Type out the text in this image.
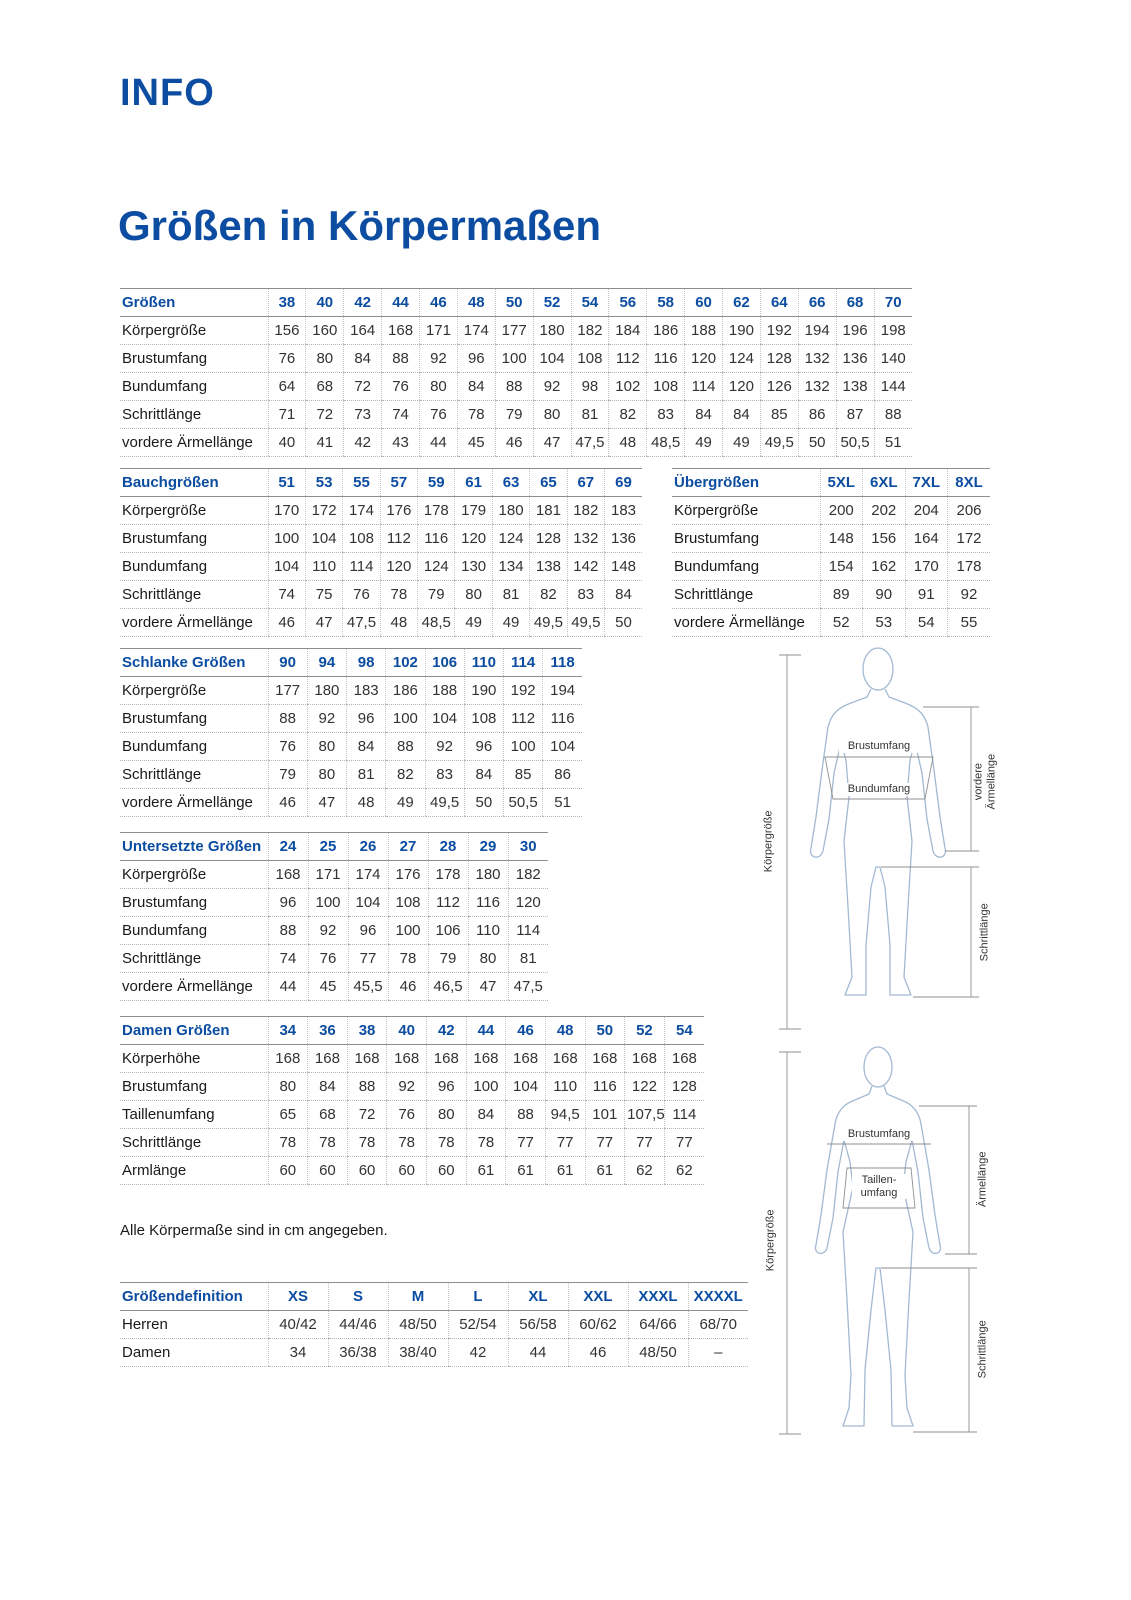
INFO
Größen in Körpermaßen
Größen	38	40	42	44	46	48	50	52	54	56	58	60	62	64	66	68	70
Körpergröße	156	160	164	168	171	174	177	180	182	184	186	188	190	192	194	196	198
Brustumfang	76	80	84	88	92	96	100	104	108	112	116	120	124	128	132	136	140
Bundumfang	64	68	72	76	80	84	88	92	98	102	108	114	120	126	132	138	144
Schrittlänge	71	72	73	74	76	78	79	80	81	82	83	84	84	85	86	87	88
vordere Ärmellänge	40	41	42	43	44	45	46	47	47,5	48	48,5	49	49	49,5	50	50,5	51
Bauchgrößen	51	53	55	57	59	61	63	65	67	69
Körpergröße	170	172	174	176	178	179	180	181	182	183
Brustumfang	100	104	108	112	116	120	124	128	132	136
Bundumfang	104	110	114	120	124	130	134	138	142	148
Schrittlänge	74	75	76	78	79	80	81	82	83	84
vordere Ärmellänge	46	47	47,5	48	48,5	49	49	49,5	49,5	50
Übergrößen	5XL	6XL	7XL	8XL
Körpergröße	200	202	204	206
Brustumfang	148	156	164	172
Bundumfang	154	162	170	178
Schrittlänge	89	90	91	92
vordere Ärmellänge	52	53	54	55
Schlanke Größen	90	94	98	102	106	110	114	118
Körpergröße	177	180	183	186	188	190	192	194
Brustumfang	88	92	96	100	104	108	112	116
Bundumfang	76	80	84	88	92	96	100	104
Schrittlänge	79	80	81	82	83	84	85	86
vordere Ärmellänge	46	47	48	49	49,5	50	50,5	51
Untersetzte Größen	24	25	26	27	28	29	30
Körpergröße	168	171	174	176	178	180	182
Brustumfang	96	100	104	108	112	116	120
Bundumfang	88	92	96	100	106	110	114
Schrittlänge	74	76	77	78	79	80	81
vordere Ärmellänge	44	45	45,5	46	46,5	47	47,5
Damen Größen	34	36	38	40	42	44	46	48	50	52	54
Körperhöhe	168	168	168	168	168	168	168	168	168	168	168
Brustumfang	80	84	88	92	96	100	104	110	116	122	128
Taillenumfang	65	68	72	76	80	84	88	94,5	101	107,5	114
Schrittlänge	78	78	78	78	78	78	77	77	77	77	77
Armlänge	60	60	60	60	60	61	61	61	61	62	62

Alle Körpermaße sind in cm angegeben.

Größendefinition	XS	S	M	L	XL	XXL	XXXL	XXXXL
Herren	40/42	44/46	48/50	52/54	56/58	60/62	64/66	68/70
Damen	34	36/38	38/40	42	44	46	48/50	–
Körpergröße
Brustumfang
Bundumfang	vordere Ärmellänge
Schrittlänge
Körpergröße
Brustumfang
Taillen-umfang	Ärmellänge
Schrittlänge
